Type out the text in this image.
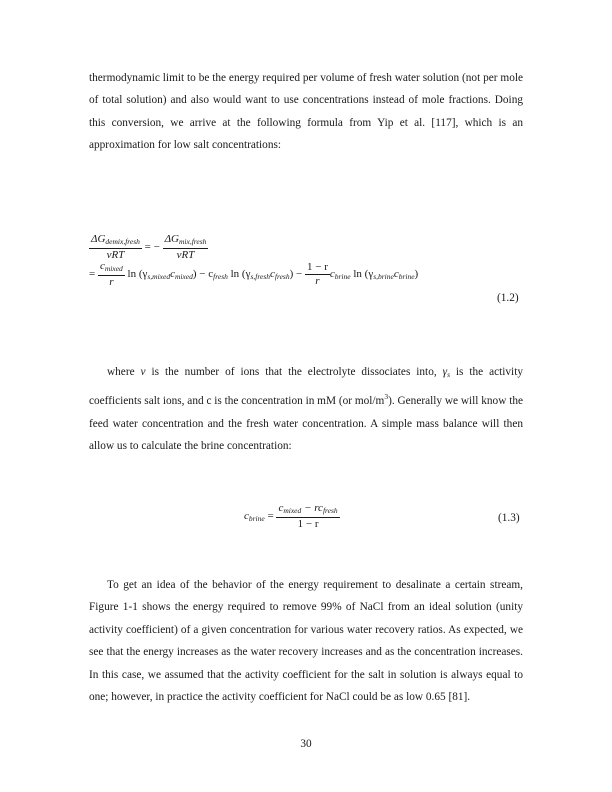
thermodynamic limit to be the energy required per volume of fresh water solution (not per mole of total solution) and also would want to use concentrations instead of mole fractions. Doing this conversion, we arrive at the following formula from Yip et al. [117], which is an approximation for low salt concentrations:

$\frac{\Delta G_{demix,fresh}}{\text{νRT}}$ = − $\frac{\Delta G_{mix,fresh}}{\text{νRT}}$
= $\frac{c_{mixed}}{r}$ $\ln (\gamma_{s,mixed}c_{mixed}) - c_{fresh}$ $\ln (\gamma_{s,fresh}c_{fresh}) - \frac{1 - r}{r} c_{brine}$ $\ln (\gamma_{s,brine}c_{brine})$
(1.2)

where ν is the number of ions that the electrolyte dissociates into, $\gamma_s$ is the activity coefficients salt ions, and c is the concentration in mM (or mol/$m^3$). Generally we will know the feed water concentration and the fresh water concentration. A simple mass balance will then allow us to calculate the brine concentration:

$c_{brine} = \frac{c_{mixed} - rc_{fresh}}{1 - r}$	(1.3)

To get an idea of the behavior of the energy requirement to desalinate a certain stream, Figure 1-1 shows the energy required to remove 99% of NaCl from an ideal solution (unity activity coefficient) of a given concentration for various water recovery ratios. As expected, we see that the energy increases as the water recovery increases and as the concentration increases. In this case, we assumed that the activity coefficient for the salt in solution is always equal to one; however, in practice the activity coefficient for NaCl could be as low 0.65 [81].

30
